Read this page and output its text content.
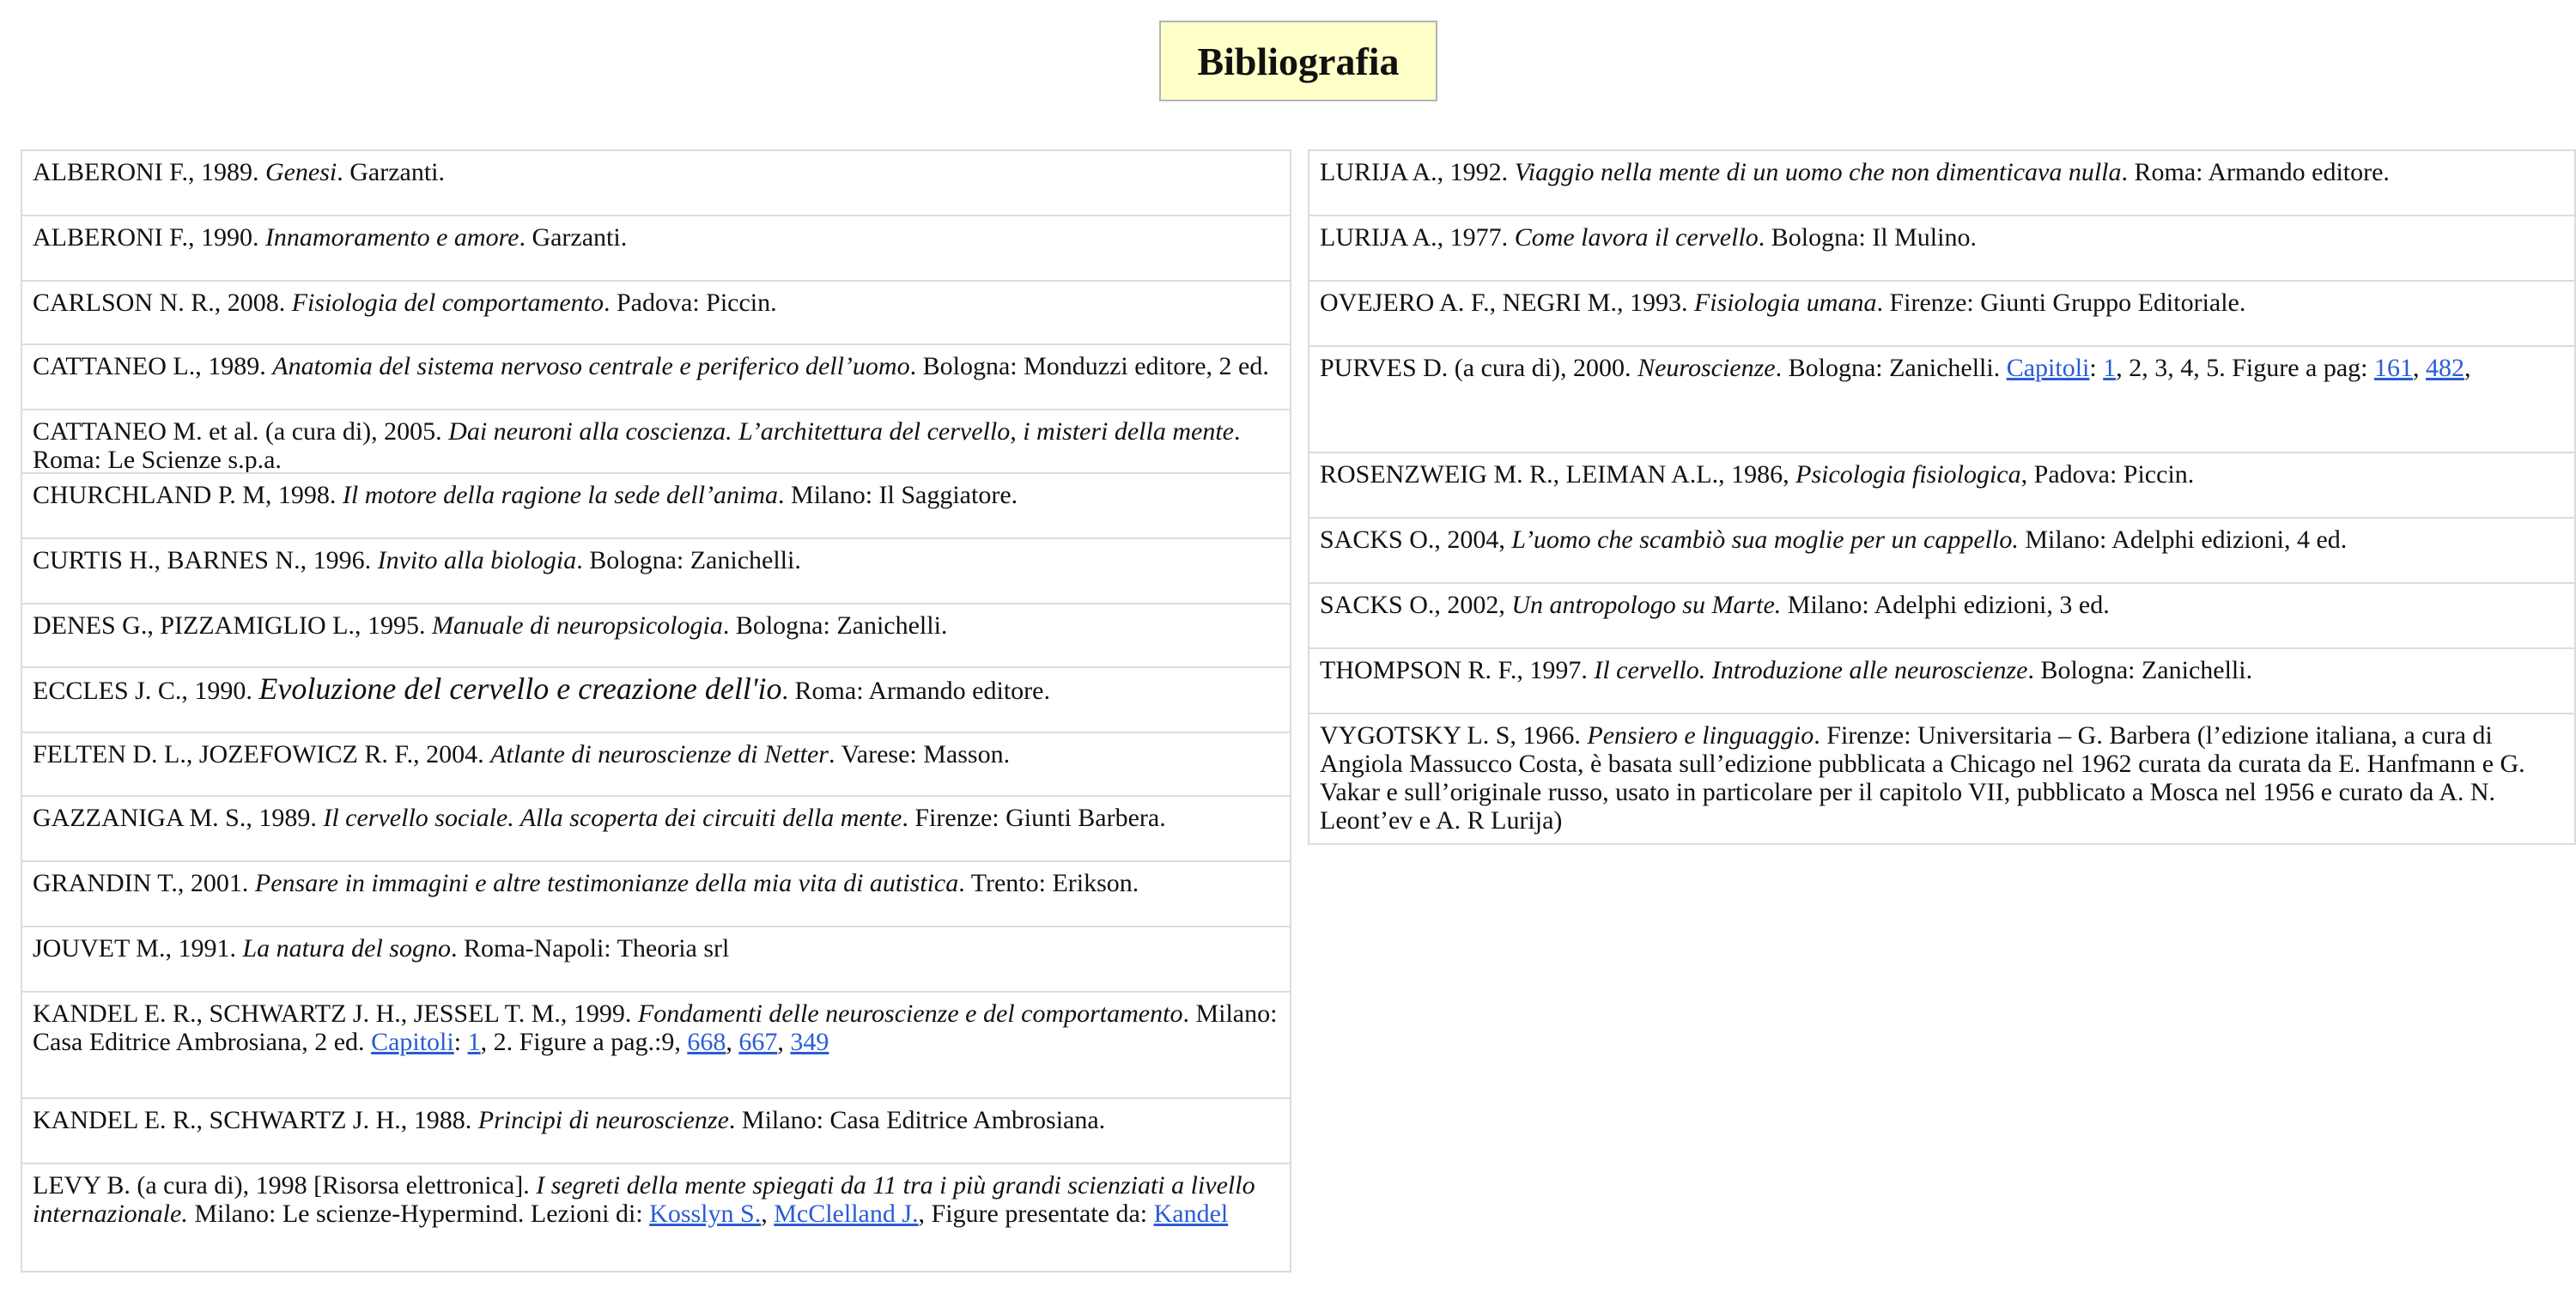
Bibliografia
ALBERONI F., 1989. Genesi. Garzanti.
ALBERONI F., 1990. Innamoramento e amore. Garzanti.
CARLSON N. R., 2008. Fisiologia del comportamento. Padova: Piccin.
CATTANEO L., 1989. Anatomia del sistema nervoso centrale e periferico dell’uomo. Bologna: Monduzzi editore, 2 ed.
CATTANEO M. et al. (a cura di), 2005. Dai neuroni alla coscienza. L’architettura del cervello, i misteri della mente. Roma: Le Scienze s.p.a.
CHURCHLAND P. M, 1998. Il motore della ragione la sede dell’anima. Milano: Il Saggiatore.
CURTIS H., BARNES N., 1996. Invito alla biologia. Bologna: Zanichelli.
DENES G., PIZZAMIGLIO L., 1995. Manuale di neuropsicologia. Bologna: Zanichelli.
ECCLES J. C., 1990. Evoluzione del cervello e creazione dell'io. Roma: Armando editore.
FELTEN D. L., JOZEFOWICZ R. F., 2004. Atlante di neuroscienze di Netter. Varese: Masson.
GAZZANIGA M. S., 1989. Il cervello sociale. Alla scoperta dei circuiti della mente. Firenze: Giunti Barbera.
GRANDIN T., 2001. Pensare in immagini e altre testimonianze della mia vita di autistica. Trento: Erikson.
JOUVET M., 1991. La natura del sogno. Roma-Napoli: Theoria srl
KANDEL E. R., SCHWARTZ J. H., JESSEL T. M., 1999. Fondamenti delle neuroscienze e del comportamento. Milano: Casa Editrice Ambrosiana, 2 ed. Capitoli: 1, 2. Figure a pag.:9, 668, 667, 349
KANDEL E. R., SCHWARTZ J. H., 1988. Principi di neuroscienze. Milano: Casa Editrice Ambrosiana.
LEVY B. (a cura di), 1998 [Risorsa elettronica]. I segreti della mente spiegati da 11 tra i più grandi scienziati a livello internazionale. Milano: Le scienze-Hypermind. Lezioni di: Kosslyn S., McClelland J., Figure presentate da: Kandel
LURIJA A., 1992. Viaggio nella mente di un uomo che non dimenticava nulla. Roma: Armando editore.
LURIJA A., 1977. Come lavora il cervello. Bologna: Il Mulino.
OVEJERO A. F., NEGRI M., 1993. Fisiologia umana. Firenze: Giunti Gruppo Editoriale.
PURVES D. (a cura di), 2000. Neuroscienze. Bologna: Zanichelli. Capitoli: 1, 2, 3, 4, 5. Figure a pag: 161, 482,
ROSENZWEIG M. R., LEIMAN A.L., 1986, Psicologia fisiologica, Padova: Piccin.
SACKS O., 2004, L’uomo che scambiò sua moglie per un cappello. Milano: Adelphi edizioni, 4 ed.
SACKS O., 2002, Un antropologo su Marte. Milano: Adelphi edizioni, 3 ed.
THOMPSON R. F., 1997. Il cervello. Introduzione alle neuroscienze. Bologna: Zanichelli.
VYGOTSKY L. S, 1966. Pensiero e linguaggio. Firenze: Universitaria – G. Barbera (l’edizione italiana, a cura di Angiola Massucco Costa, è basata sull’edizione pubblicata a Chicago nel 1962 curata da curata da E. Hanfmann e G. Vakar e sull’originale russo, usato in particolare per il capitolo VII, pubblicato a Mosca nel 1956 e curato da A. N. Leont’ev e A. R Lurija)
